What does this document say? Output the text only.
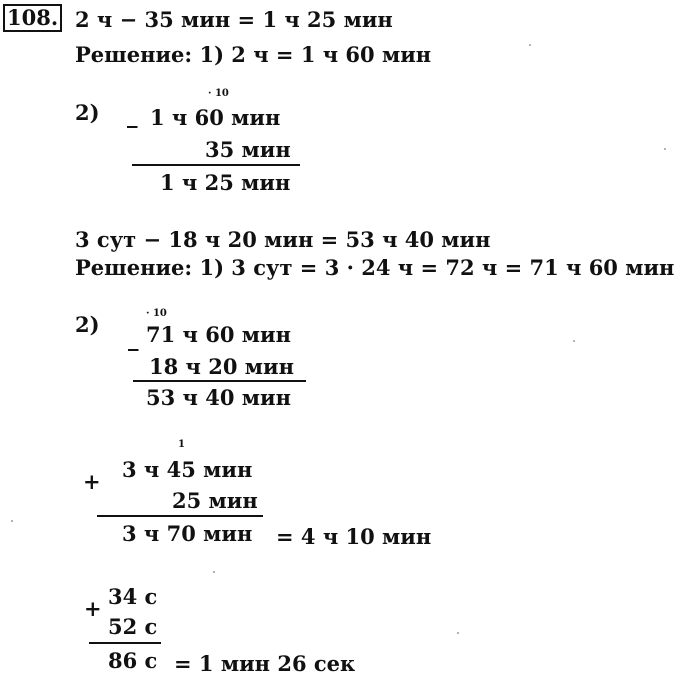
108. 2 ч − 35 мин = 1 ч 25 мин
Решение: 1) 2 ч = 1 ч 60 мин
2) _
· 10
1 ч 60 мин
35 мин
1 ч 25 мин
3 сут − 18 ч 20 мин = 53 ч 40 мин
Решение: 1) 3 сут = 3 · 24 ч = 72 ч = 71 ч 60 мин
2)
_
· 10
71 ч 60 мин
18 ч 20 мин
53 ч 40 мин
1
+ 3 ч 45 мин
25 мин
3 ч 70 мин = 4 ч 10 мин
+ 34 с
52 с
86 с = 1 мин 26 сек
